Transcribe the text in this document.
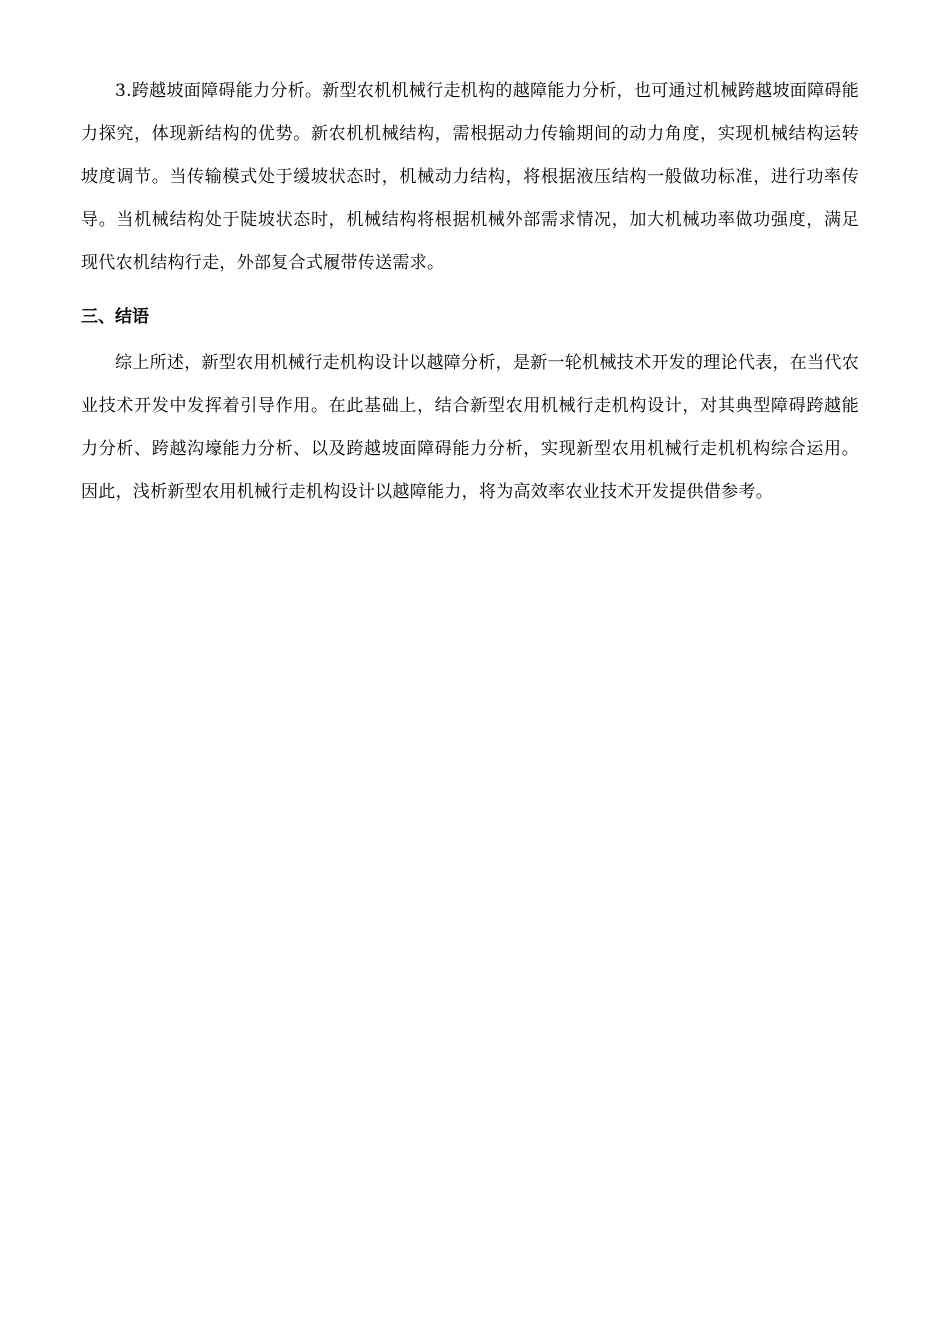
3.跨越坡面障碍能力分析。新型农机机械行走机构的越障能力分析，也可通过机械跨越坡面障碍能力探究，体现新结构的优势。新农机机械结构，需根据动力传输期间的动力角度，实现机械结构运转坡度调节。当传输模式处于缓坡状态时，机械动力结构，将根据液压结构一般做功标准，进行功率传导。当机械结构处于陡坡状态时，机械结构将根据机械外部需求情况，加大机械功率做功强度，满足现代农机结构行走，外部复合式履带传送需求。

三、结语

综上所述，新型农用机械行走机构设计以越障分析，是新一轮机械技术开发的理论代表，在当代农业技术开发中发挥着引导作用。在此基础上，结合新型农用机械行走机构设计，对其典型障碍跨越能力分析、跨越沟壕能力分析、以及跨越坡面障碍能力分析，实现新型农用机械行走机机构综合运用。因此，浅析新型农用机械行走机构设计以越障能力，将为高效率农业技术开发提供借参考。
